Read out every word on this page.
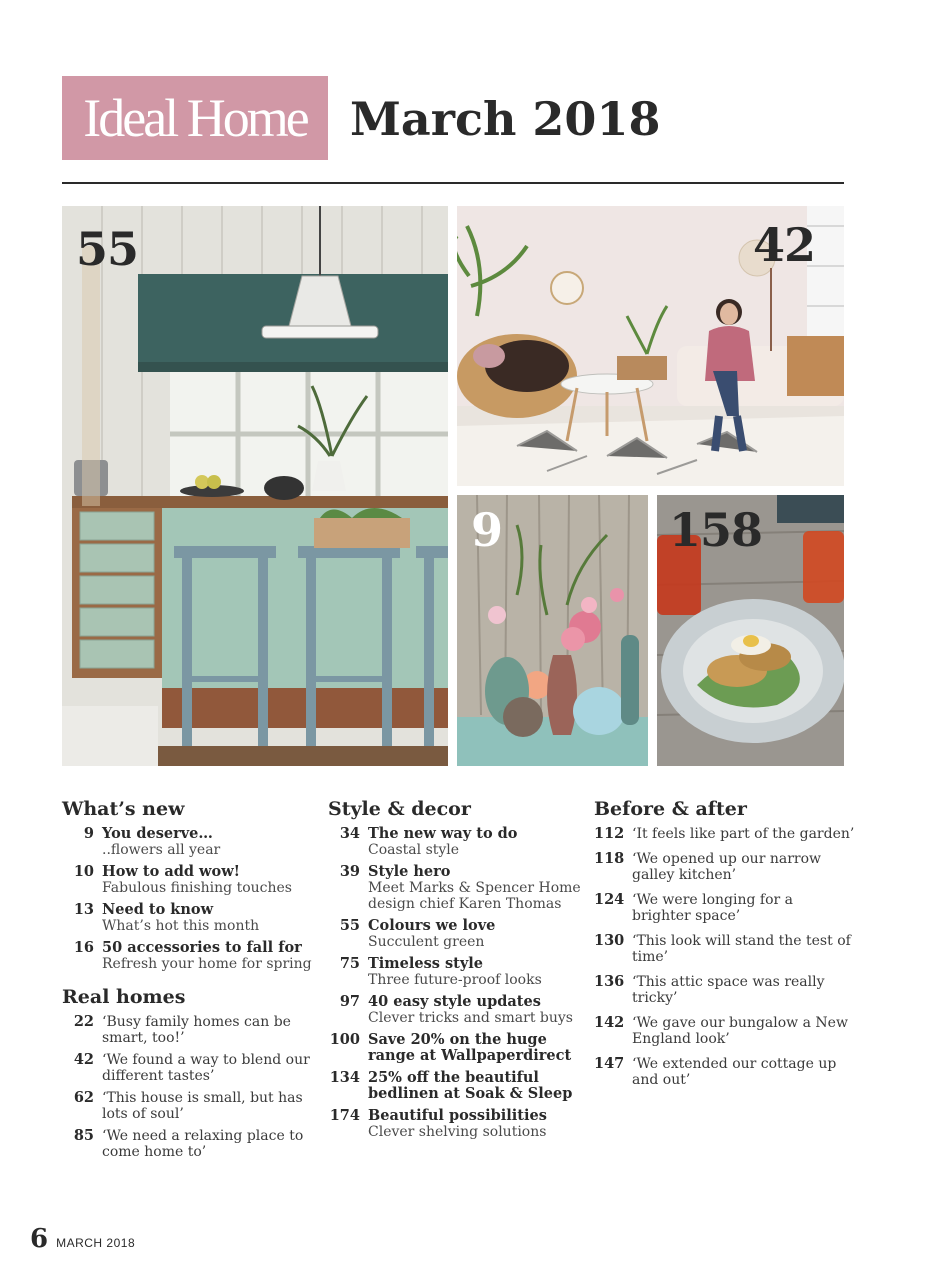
Ideal Home March 2018
55	42
9	158
What’s new
9 You deserve…
..flowers all year
10 How to add wow!
Fabulous finishing touches
13 Need to know
What’s hot this month
16 50 accessories to fall for
Refresh your home for spring
Real homes
22 ‘Busy family homes can be smart, too!’
42 ‘We found a way to blend our different tastes’
62 ‘This house is small, but has lots of soul’
85 ‘We need a relaxing place to come home to’
Style & decor
34 The new way to do
Coastal style
39 Style hero
Meet Marks & Spencer Home design chief Karen Thomas
55 Colours we love
Succulent green
75 Timeless style
Three future-proof looks
97 40 easy style updates
Clever tricks and smart buys
100 Save 20% on the huge range at Wallpaperdirect
134 25% off the beautiful bedlinen at Soak & Sleep
174 Beautiful possibilities
Clever shelving solutions
Before & after
112 ‘It feels like part of the garden’
118 ‘We opened up our narrow galley kitchen’
124 ‘We were longing for a brighter space’
130 ‘This look will stand the test of time’
136 ‘This attic space was really tricky’
142 ‘We gave our bungalow a New England look’
147 ‘We extended our cottage up and out’
6 MARCH 2018
